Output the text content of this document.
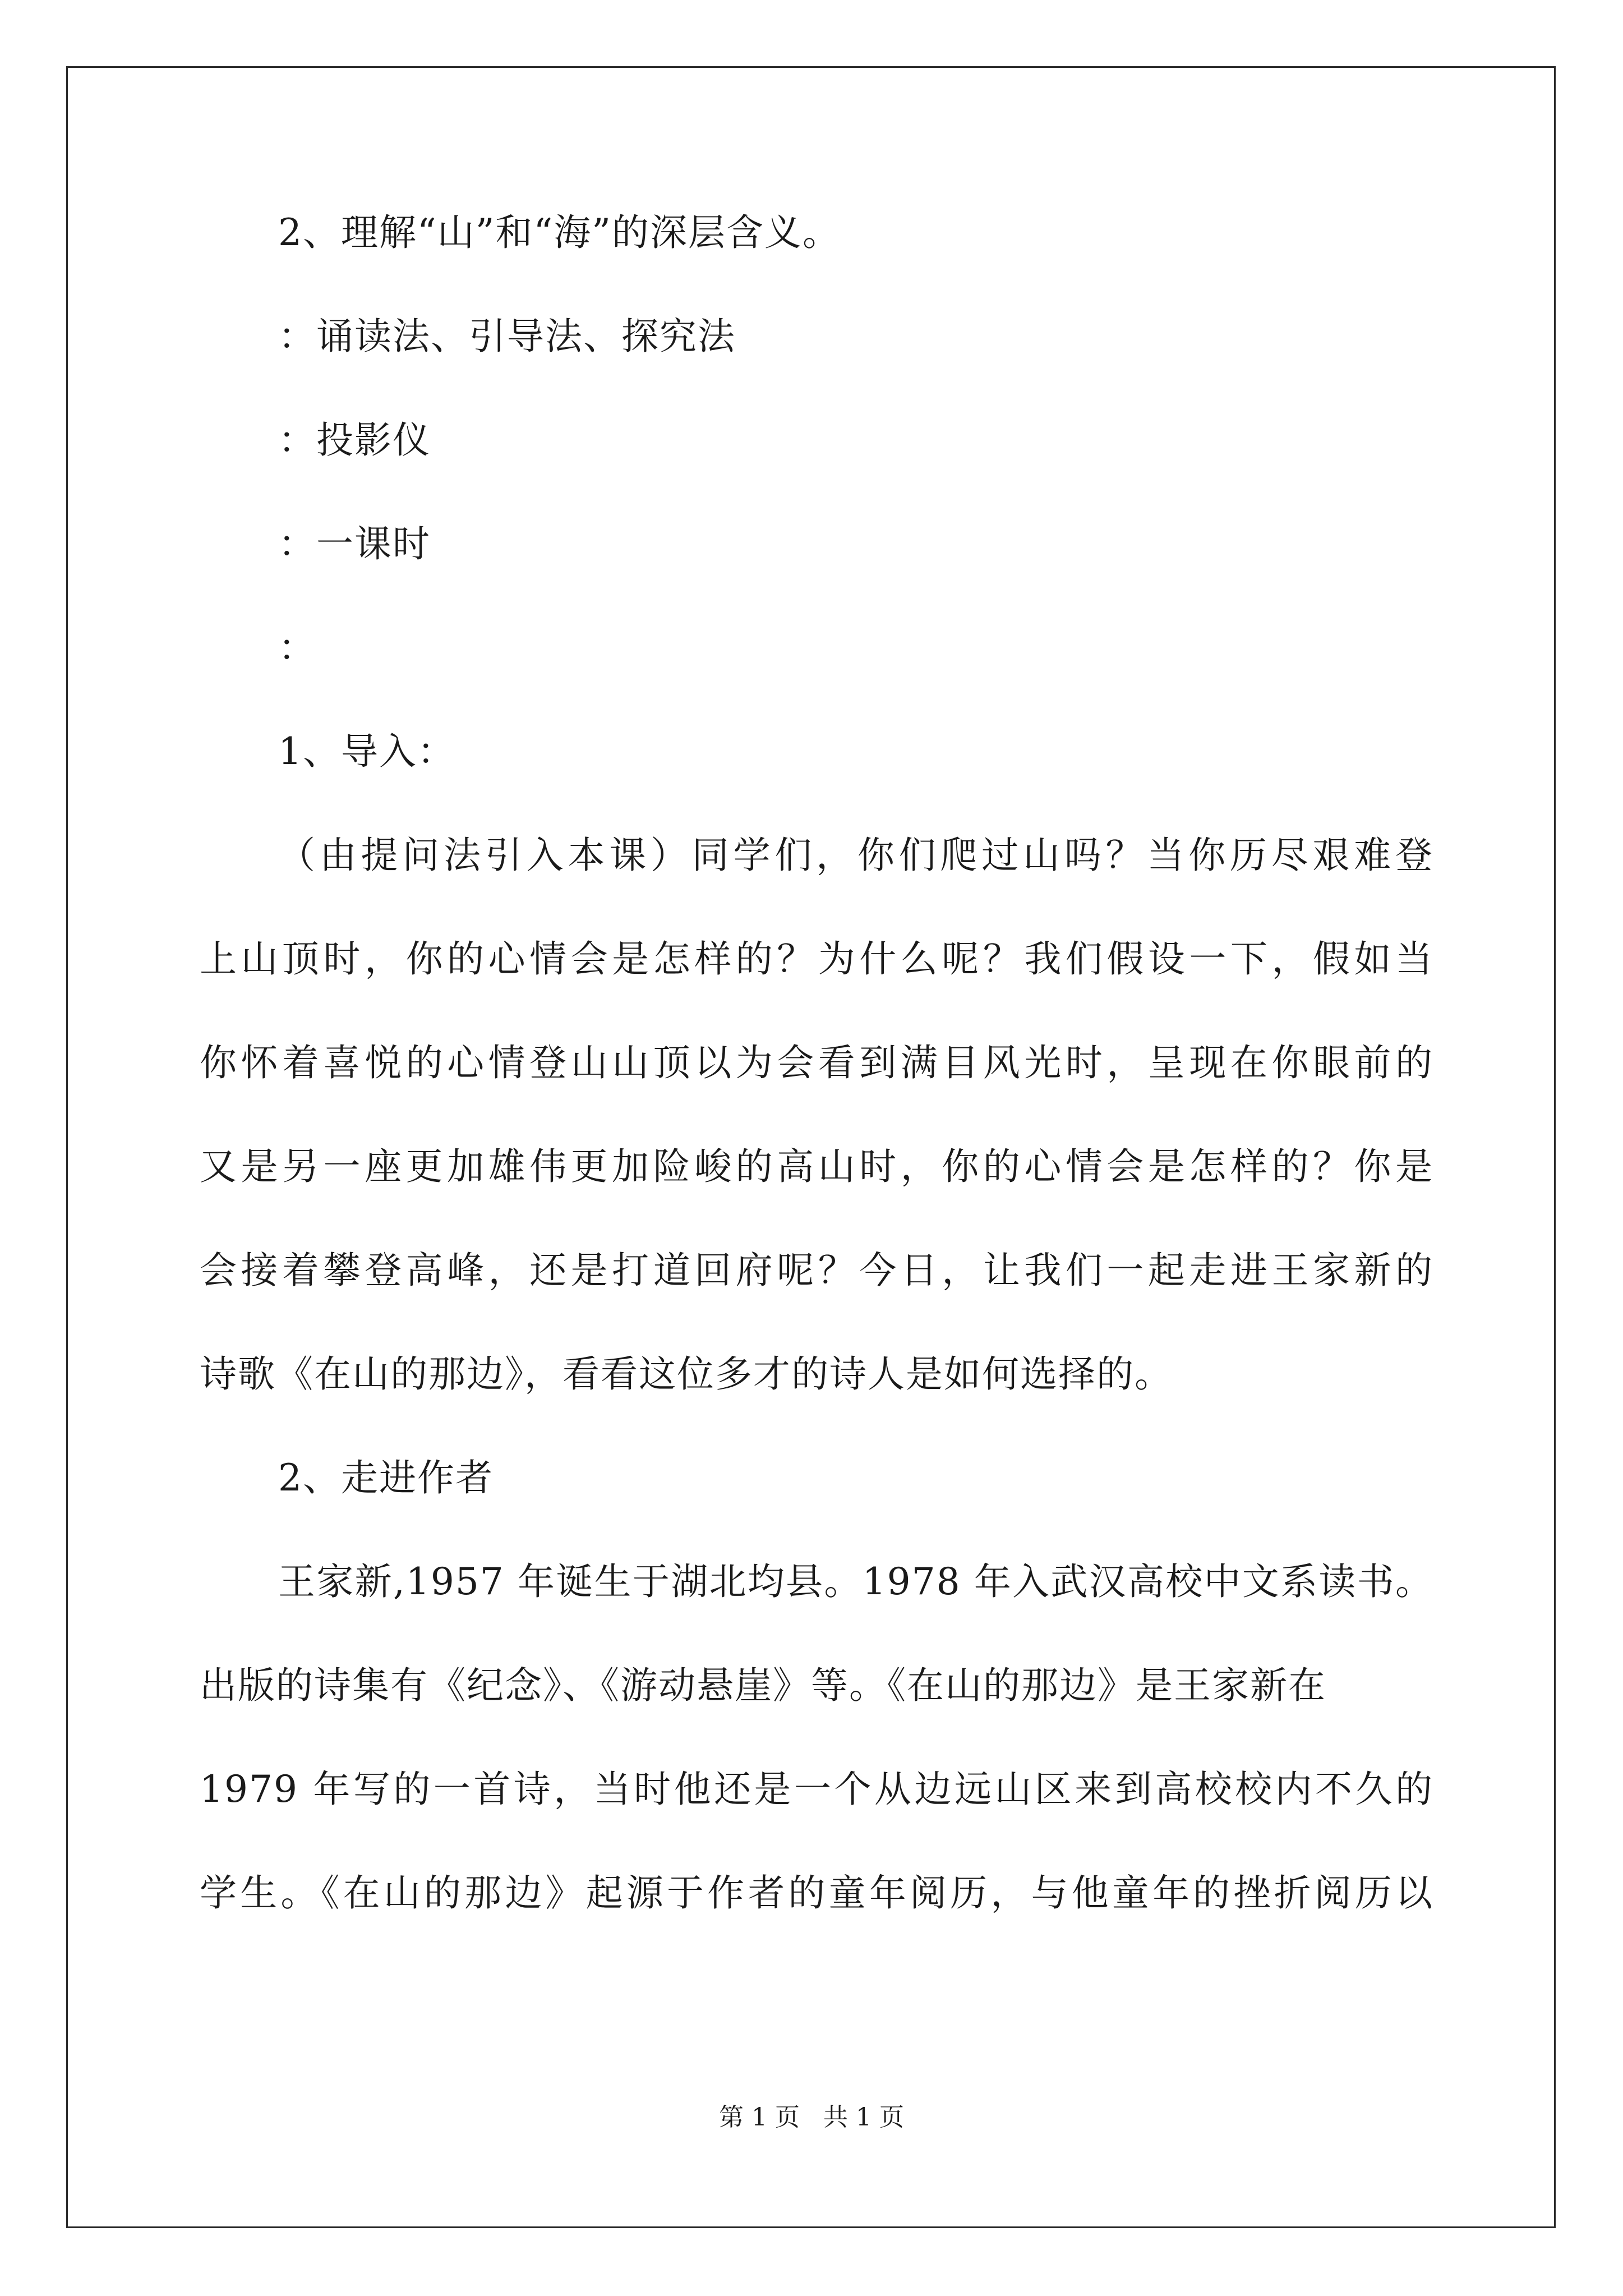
2、理解“山”和“海”的深层含义。
：诵读法、引导法、探究法
：投影仪
：一课时
：
1、导入：
（由提问法引入本课）同学们，你们爬过山吗？当你历尽艰难登
上山顶时，你的心情会是怎样的？为什么呢？我们假设一下，假如当
你怀着喜悦的心情登山山顶以为会看到满目风光时，呈现在你眼前的
又是另一座更加雄伟更加险峻的高山时，你的心情会是怎样的？你是
会接着攀登高峰，还是打道回府呢？今日，让我们一起走进王家新的
诗歌《在山的那边》，看看这位多才的诗人是如何选择的。
2、走进作者
王家新,1957 年诞生于湖北均县。1978 年入武汉高校中文系读书。
出版的诗集有《纪念》、《游动悬崖》等。《在山的那边》是王家新在
1979 年写的一首诗，当时他还是一个从边远山区来到高校校内不久的
学生。《在山的那边》起源于作者的童年阅历，与他童年的挫折阅历以
第 1 页   共 1 页
